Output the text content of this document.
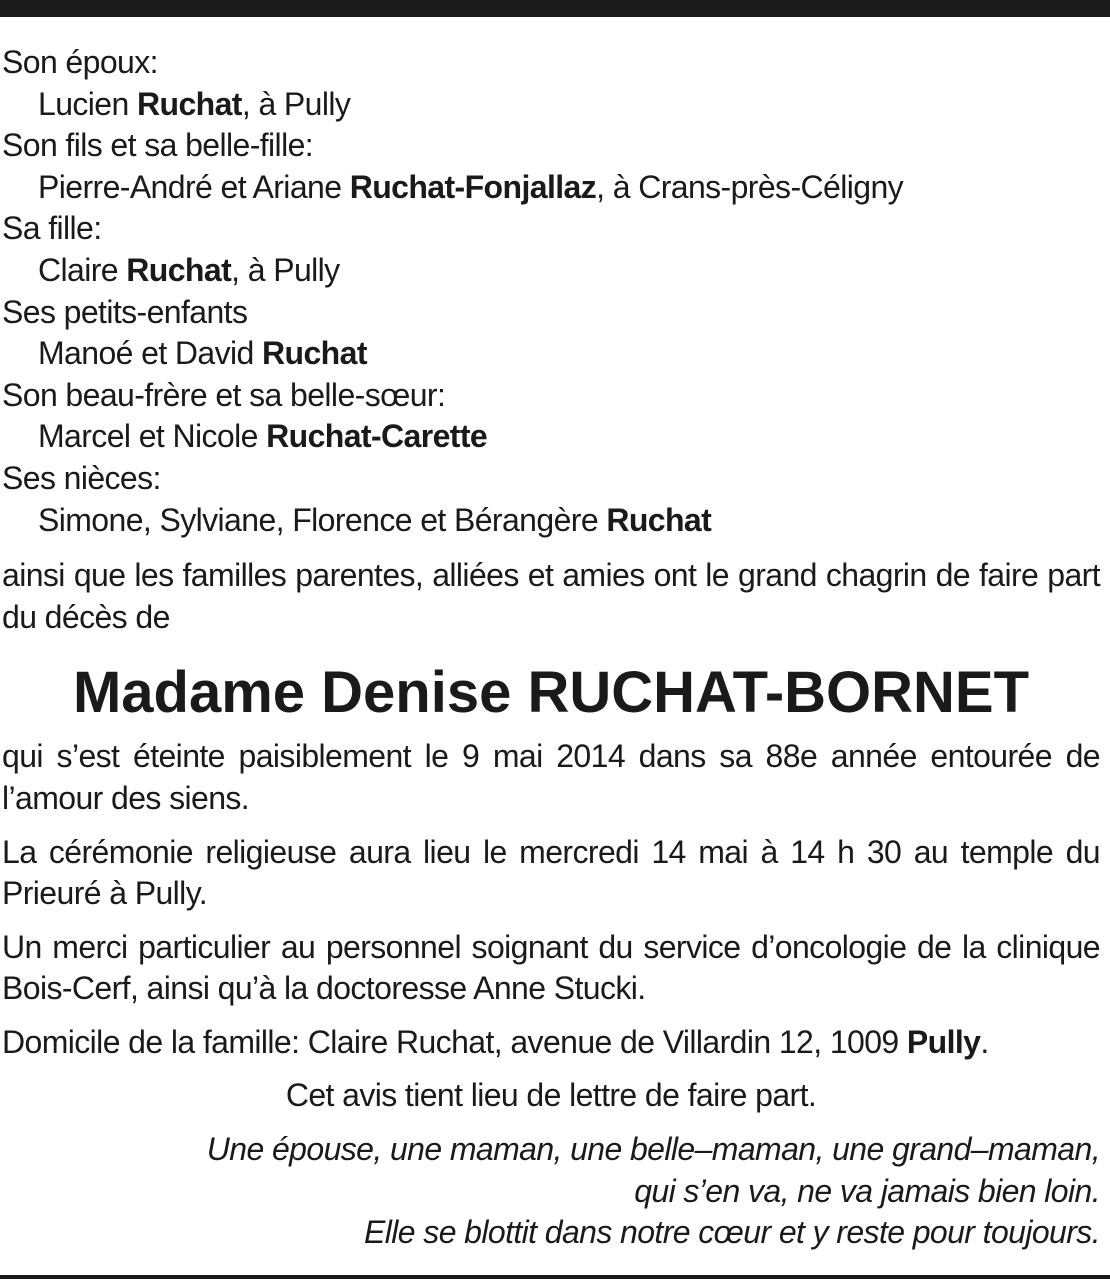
Son époux:

Lucien Ruchat, à Pully

Son fils et sa belle-fille:

Pierre-André et Ariane Ruchat-Fonjallaz, à Crans-près-Céligny

Sa fille:

Claire Ruchat, à Pully

Ses petits-enfants

Manoé et David Ruchat

Son beau-frère et sa belle-sœur:

Marcel et Nicole Ruchat-Carette

Ses nièces:

Simone, Sylviane, Florence et Bérangère Ruchat

ainsi que les familles parentes, alliées et amies ont le grand chagrin de faire part du décès de

Madame Denise RUCHAT-BORNET

qui s’est éteinte paisiblement le 9 mai 2014 dans sa 88e année entourée de l’amour des siens.

La cérémonie religieuse aura lieu le mercredi 14 mai à 14 h 30 au temple du Prieuré à Pully.

Un merci particulier au personnel soignant du service d’oncologie de la clinique Bois-Cerf, ainsi qu’à la doctoresse Anne Stucki.

Domicile de la famille: Claire Ruchat, avenue de Villardin 12, 1009 Pully.

Cet avis tient lieu de lettre de faire part.

Une épouse, une maman, une belle–maman, une grand–maman,
qui s’en va, ne va jamais bien loin.
Elle se blottit dans notre cœur et y reste pour toujours.
